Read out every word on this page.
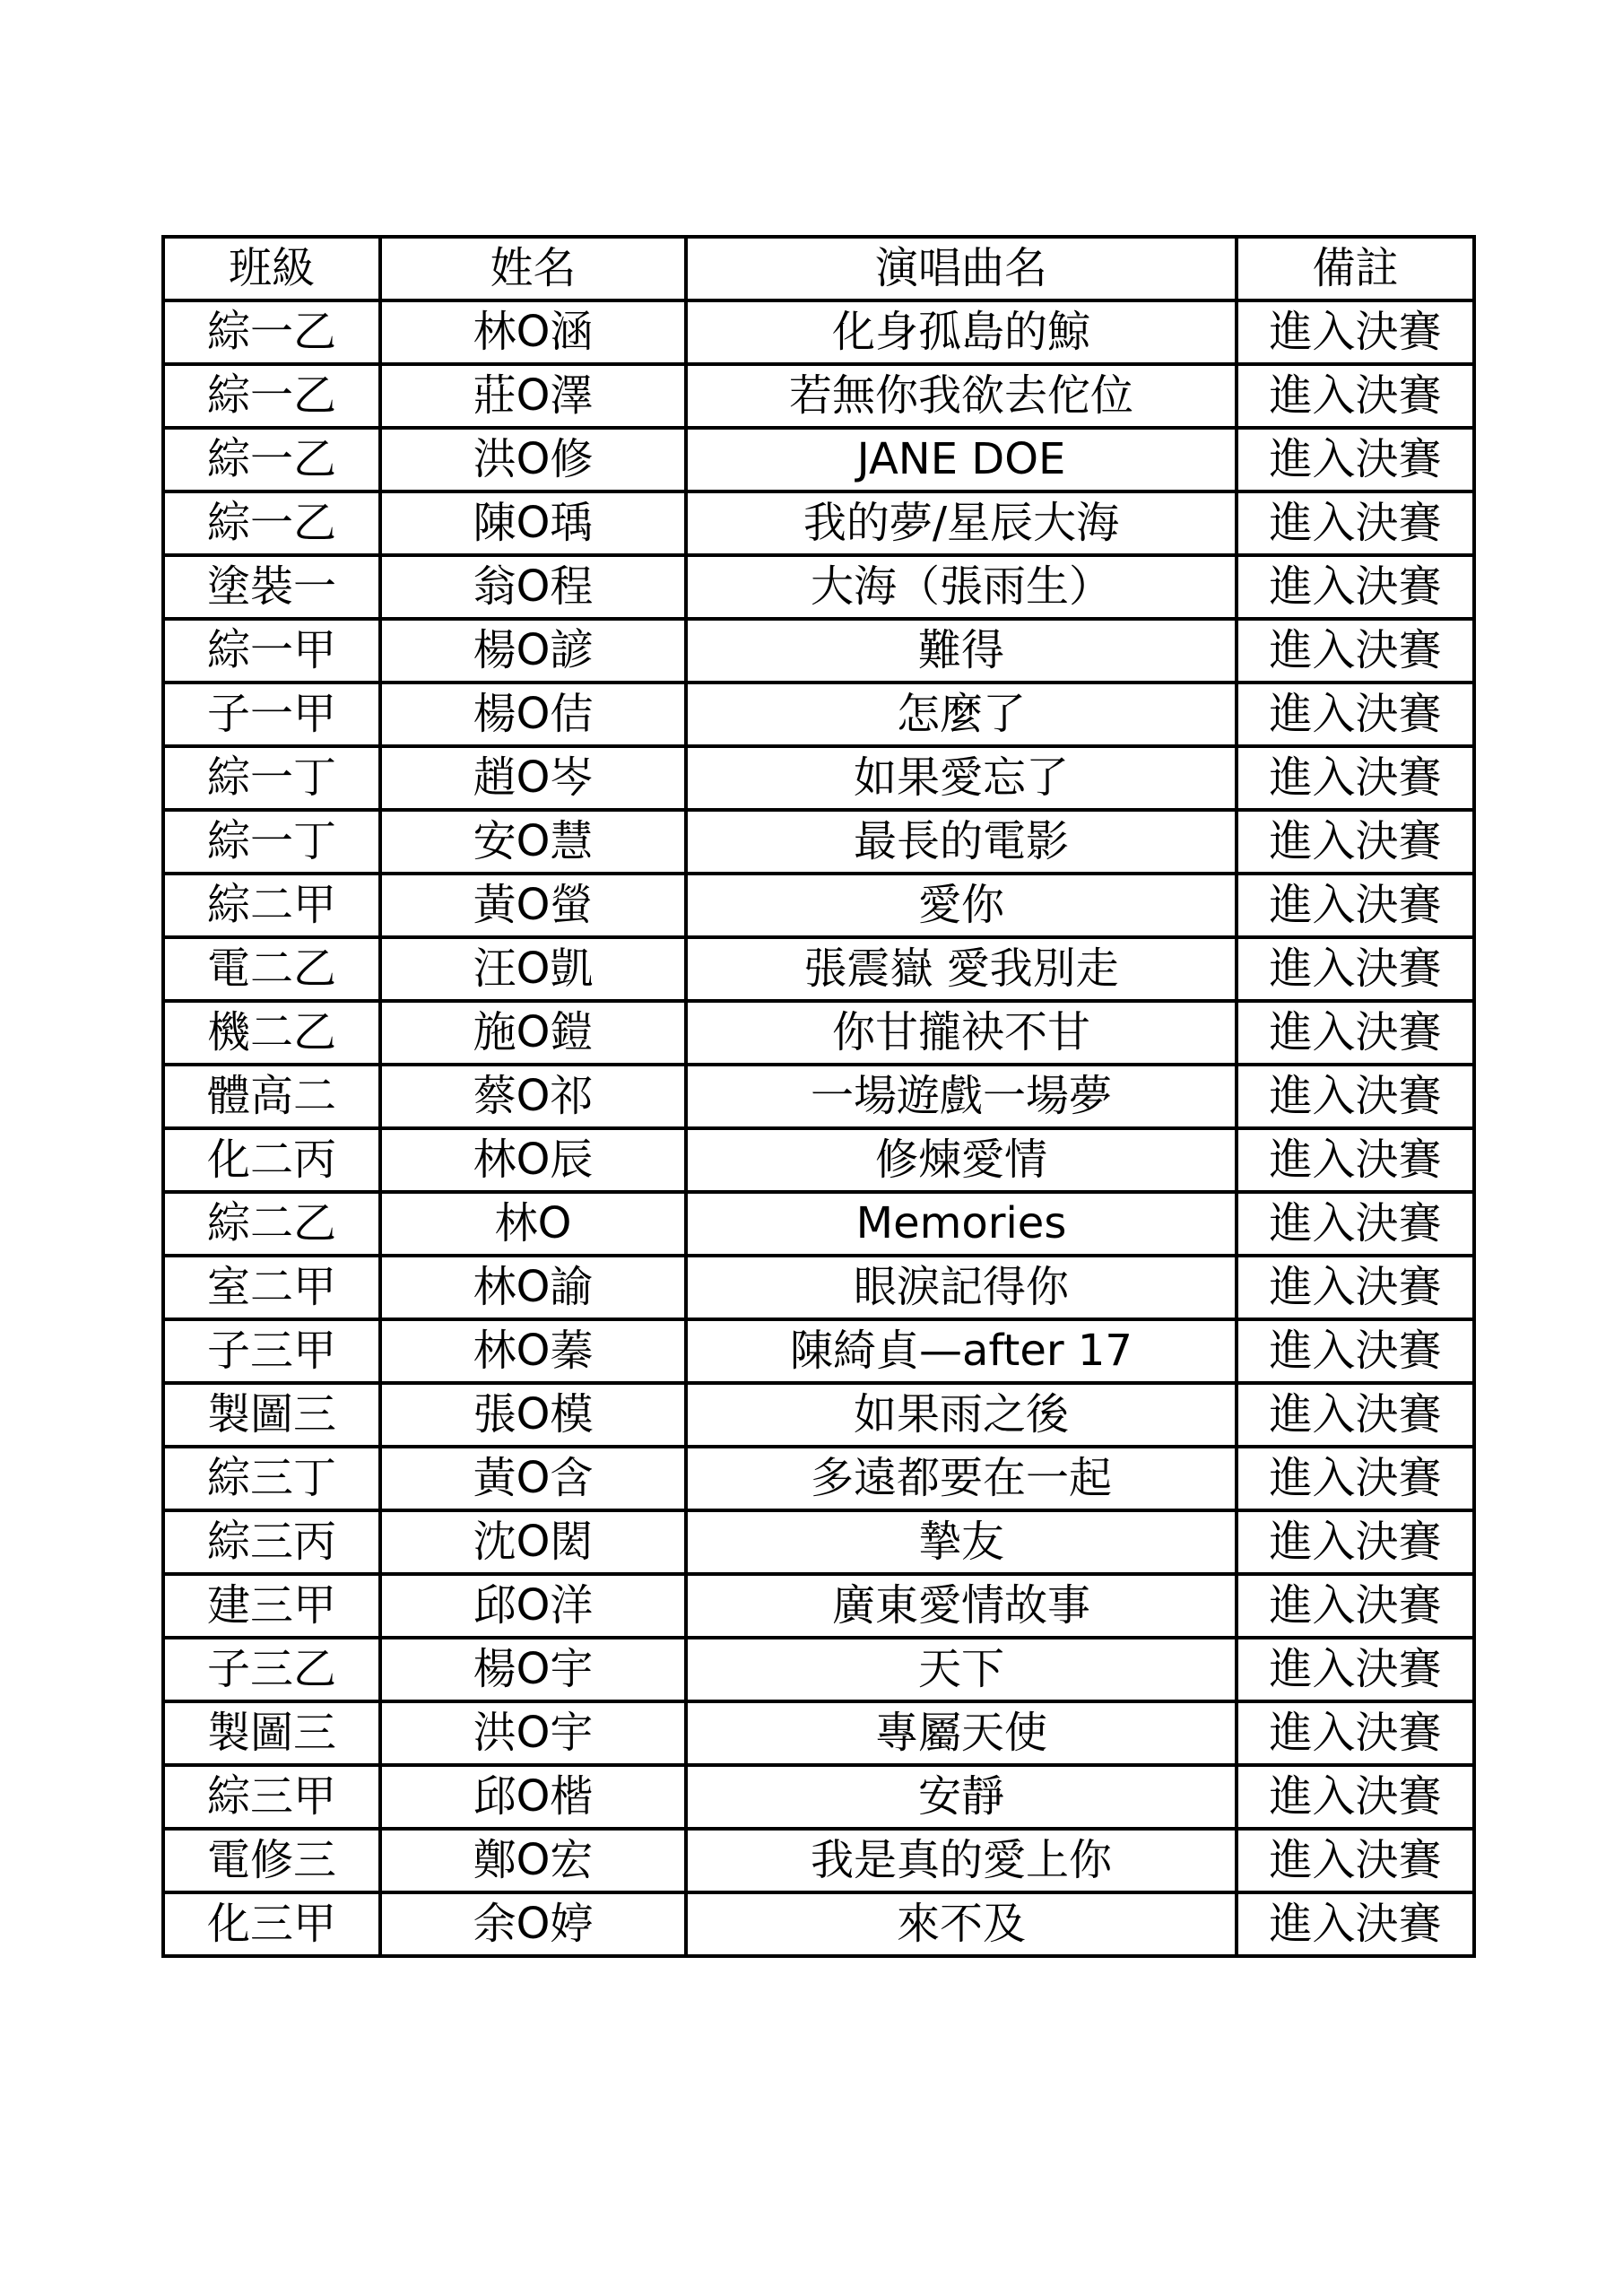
班級	姓名	演唱曲名	備註
綜一乙	林O涵	化身孤島的鯨	進入決賽
綜一乙	莊O澤	若無你我欲去佗位	進入決賽
綜一乙	洪O修	JANE DOE	進入決賽
綜一乙	陳O瑀	我的夢/星辰大海	進入決賽
塗裝一	翁O程	大海（張雨生）	進入決賽
綜一甲	楊O諺	難得	進入決賽
子一甲	楊O佶	怎麼了	進入決賽
綜一丁	趙O岑	如果愛忘了	進入決賽
綜一丁	安O慧	最長的電影	進入決賽
綜二甲	黃O螢	愛你	進入決賽
電二乙	汪O凱	張震嶽 愛我別走	進入決賽
機二乙	施O鎧	你甘攏袂不甘	進入決賽
體高二	蔡O祁	一場遊戲一場夢	進入決賽
化二丙	林O辰	修煉愛情	進入決賽
綜二乙	林O	Memories	進入決賽
室二甲	林O諭	眼淚記得你	進入決賽
子三甲	林O蓁	陳綺貞—after 17	進入決賽
製圖三	張O模	如果雨之後	進入決賽
綜三丁	黃O含	多遠都要在一起	進入決賽
綜三丙	沈O閎	摯友	進入決賽
建三甲	邱O洋	廣東愛情故事	進入決賽
子三乙	楊O宇	天下	進入決賽
製圖三	洪O宇	專屬天使	進入決賽
綜三甲	邱O楷	安靜	進入決賽
電修三	鄭O宏	我是真的愛上你	進入決賽
化三甲	余O婷	來不及	進入決賽
